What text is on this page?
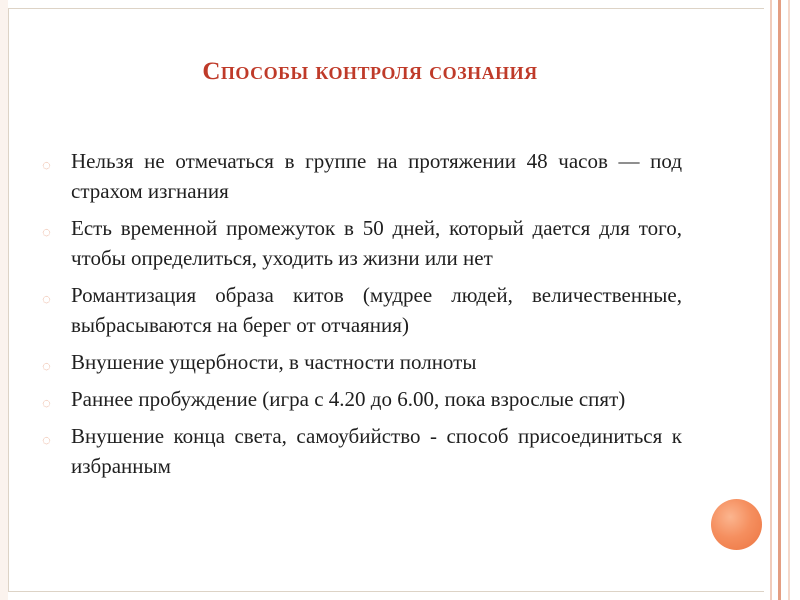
Способы контроля сознания
◌ Нельзя не отмечаться в группе на протяжении 48 часов — под страхом изгнания
◌ Есть временной промежуток в 50 дней, который дается для того, чтобы определиться, уходить из жизни или нет
◌ Романтизация образа китов (мудрее людей, величественные, выбрасываются на берег от отчаяния)
◌ Внушение ущербности, в частности полноты
◌ Раннее пробуждение (игра с 4.20 до 6.00, пока взрослые спят)
◌ Внушение конца света, самоубийство - способ присоединиться к избранным
